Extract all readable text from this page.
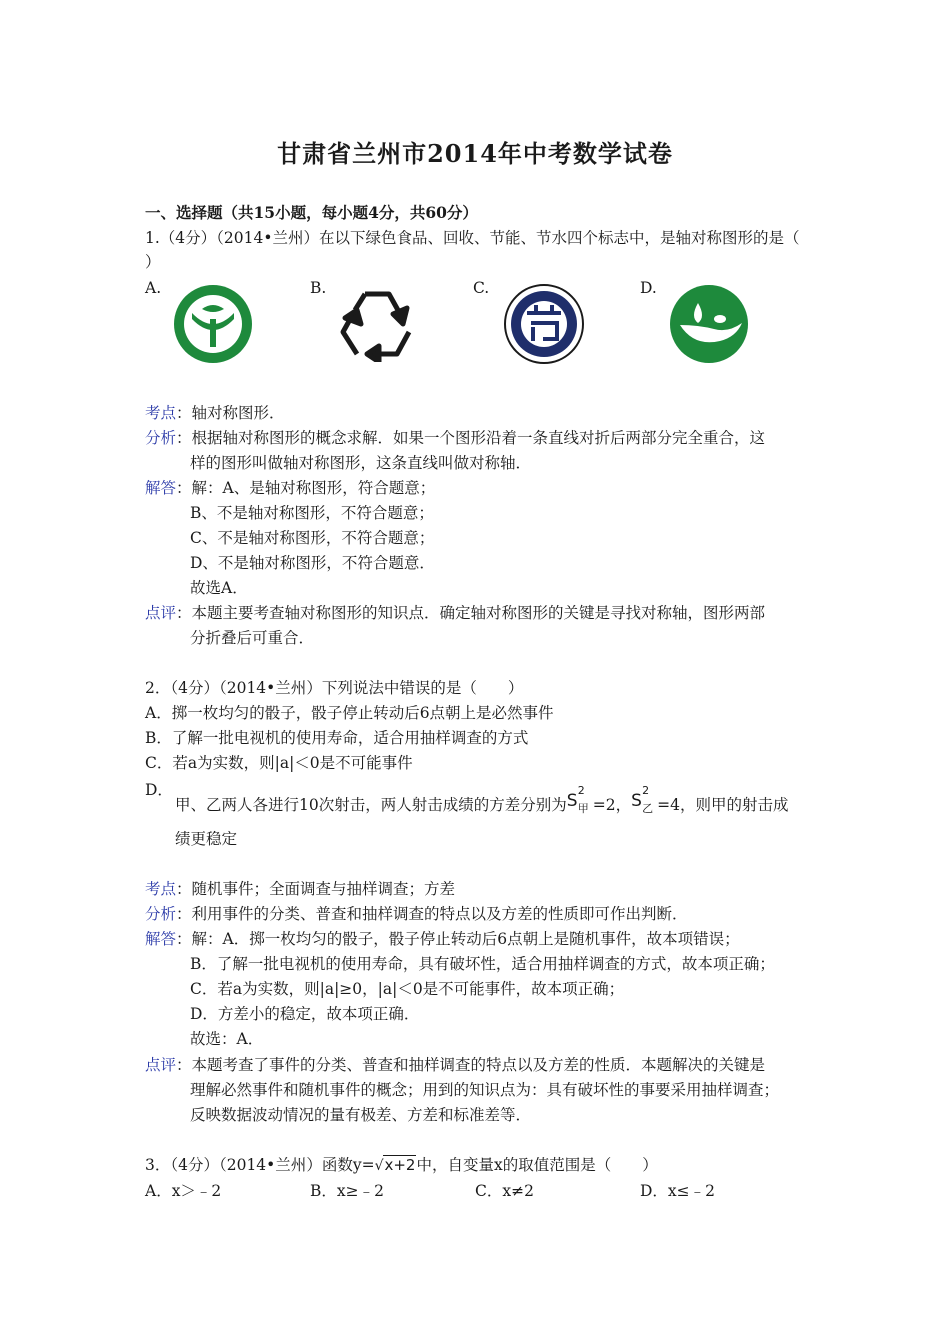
甘肃省兰州市2014年中考数学试卷
一、选择题（共15小题，每小题4分，共60分）
1.（4分）（2014•兰州）在以下绿色食品、回收、节能、节水四个标志中，是轴对称图形的是（
）
A.	B.	C.	D.
考点：轴对称图形．
分析：根据轴对称图形的概念求解．如果一个图形沿着一条直线对折后两部分完全重合，这
样的图形叫做轴对称图形，这条直线叫做对称轴．
解答：解：A、是轴对称图形，符合题意；
B、不是轴对称图形，不符合题意；
C、不是轴对称图形，不符合题意；
D、不是轴对称图形，不符合题意．
故选A．
点评：本题主要考查轴对称图形的知识点．确定轴对称图形的关键是寻找对称轴，图形两部
分折叠后可重合．
2．（4分）（2014•兰州）下列说法中错误的是（　　）
A．掷一枚均匀的骰子，骰子停止转动后6点朝上是必然事件
B．了解一批电视机的使用寿命，适合用抽样调查的方式
C．若a为实数，则|a|＜0是不可能事件
D．
甲、乙两人各进行10次射击，两人射击成绩的方差分别为 S
2
甲 =2， S
2
乙 =4，则甲的射击成
绩更稳定
考点：随机事件；全面调查与抽样调查；方差
分析：利用事件的分类、普查和抽样调查的特点以及方差的性质即可作出判断．
解答：解：A．掷一枚均匀的骰子，骰子停止转动后6点朝上是随机事件，故本项错误；
B．了解一批电视机的使用寿命，具有破坏性，适合用抽样调查的方式，故本项正确；
C．若a为实数，则|a|≥0，|a|＜0是不可能事件，故本项正确；
D．方差小的稳定，故本项正确．
故选：A．
点评：本题考查了事件的分类、普查和抽样调查的特点以及方差的性质．本题解决的关键是
理解必然事件和随机事件的概念；用到的知识点为：具有破坏性的事要采用抽样调查；
反映数据波动情况的量有极差、方差和标准差等．
3．（4分）（2014•兰州）函数y=√x+2中，自变量x的取值范围是（　　）
A．x＞﹣2	B．x≥﹣2	C．x≠2	D．x≤﹣2
